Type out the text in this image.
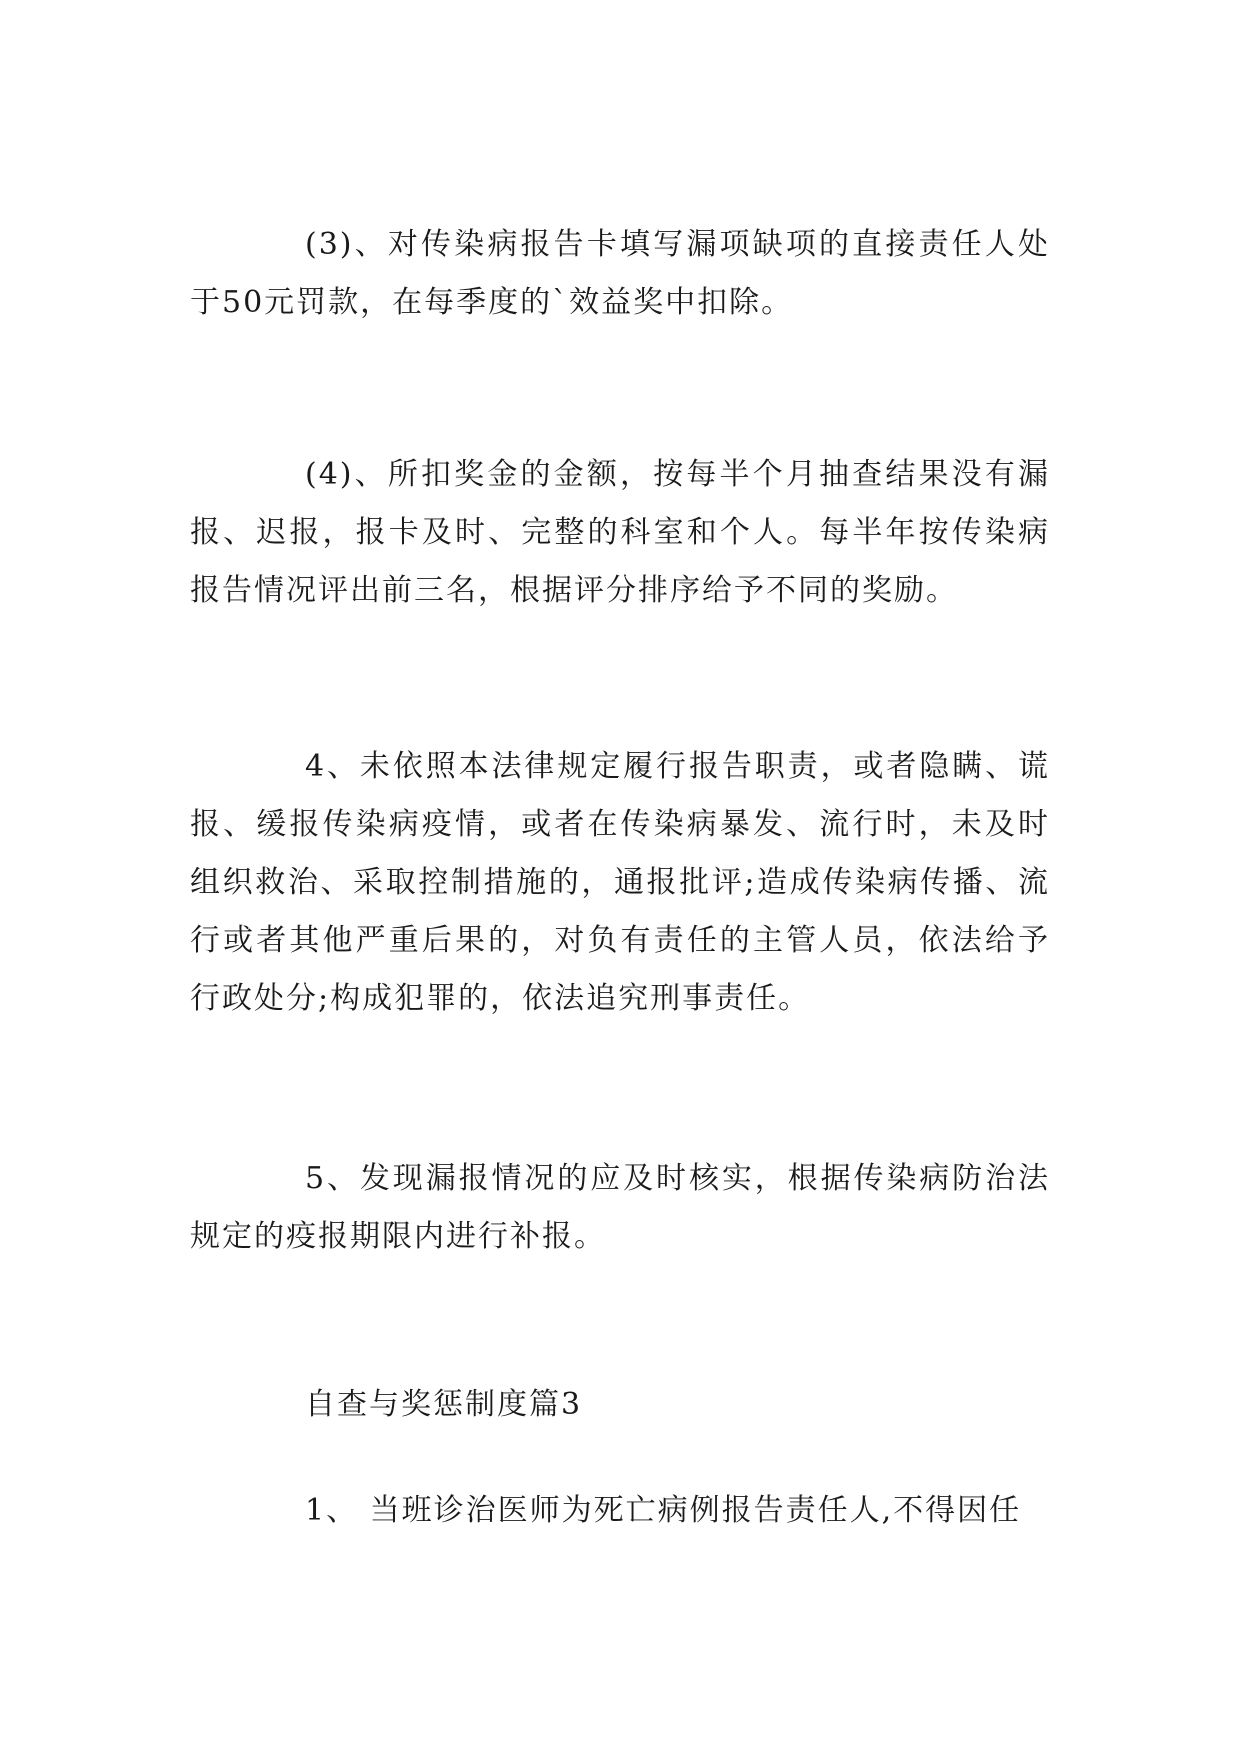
(3)、对传染病报告卡填写漏项缺项的直接责任人处于50元罚款，在每季度的`效益奖中扣除。

(4)、所扣奖金的金额，按每半个月抽查结果没有漏报、迟报，报卡及时、完整的科室和个人。每半年按传染病报告情况评出前三名，根据评分排序给予不同的奖励。

4、未依照本法律规定履行报告职责，或者隐瞒、谎报、缓报传染病疫情，或者在传染病暴发、流行时，未及时组织救治、采取控制措施的，通报批评;造成传染病传播、流行或者其他严重后果的，对负有责任的主管人员，依法给予行政处分;构成犯罪的，依法追究刑事责任。

5、发现漏报情况的应及时核实，根据传染病防治法规定的疫报期限内进行补报。

自查与奖惩制度篇3

1、 当班诊治医师为死亡病例报告责任人,不得因任
